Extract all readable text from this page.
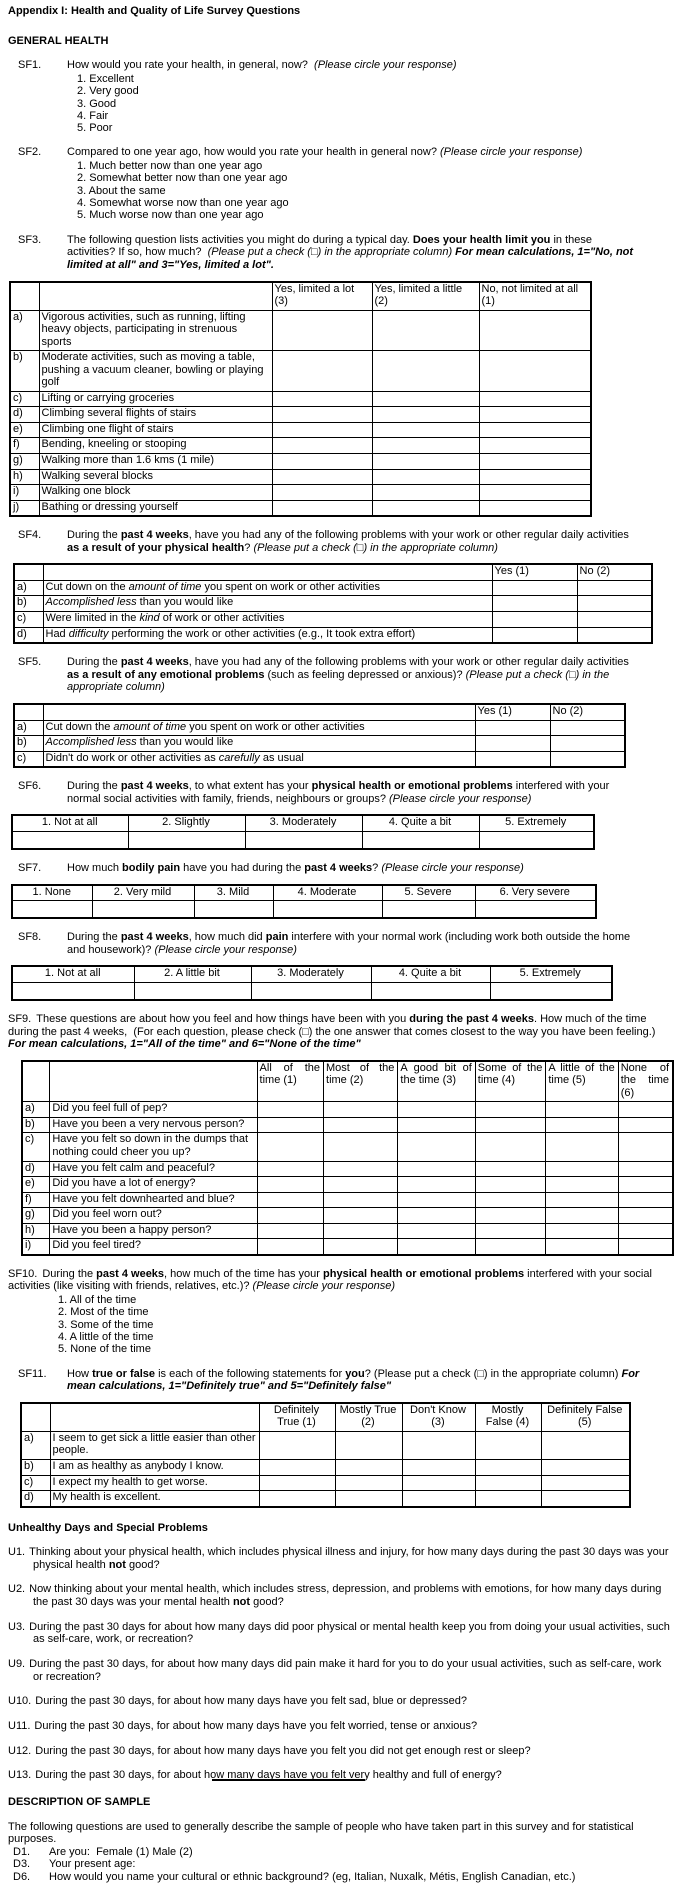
Appendix I: Health and Quality of Life Survey Questions
GENERAL HEALTH
SF1.	How would you rate your health, in general, now?  (Please circle your response)

1. Excellent
2. Very good
3. Good
4. Fair
5. Poor
SF2.	Compared to one year ago, how would you rate your health in general now? (Please circle your response)

1. Much better now than one year ago
2. Somewhat better now than one year ago
3. About the same
4. Somewhat worse now than one year ago
5. Much worse now than one year ago
SF3.	The following question lists activities you might do during a typical day. Does your health limit you in these activities? If so, how much?  (Please put a check (□) in the appropriate column) For mean calculations, 1="No, not limited at all" and 3="Yes, limited a lot".

		Yes, limited a lot (3)	Yes, limited a little (2)	No, not limited at all (1)
a)	Vigorous activities, such as running, lifting heavy objects, participating in strenuous sports			
b)	Moderate activities, such as moving a table, pushing a vacuum cleaner, bowling or playing golf			
c)	Lifting or carrying groceries			
d)	Climbing several flights of stairs			
e)	Climbing one flight of stairs			
f)	Bending, kneeling or stooping			
g)	Walking more than 1.6 kms (1 mile)			
h)	Walking several blocks			
i)	Walking one block			
j)	Bathing or dressing yourself			
SF4.	During the past 4 weeks, have you had any of the following problems with your work or other regular daily activities as a result of your physical health? (Please put a check (□) in the appropriate column)

		Yes (1)	No (2)
a)	Cut down on the amount of time you spent on work or other activities		
b)	Accomplished less than you would like		
c)	Were limited in the kind of work or other activities		
d)	Had difficulty performing the work or other activities (e.g., It took extra effort)		
SF5.	During the past 4 weeks, have you had any of the following problems with your work or other regular daily activities as a result of any emotional problems (such as feeling depressed or anxious)? (Please put a check (□) in the appropriate column)

		Yes (1)	No (2)
a)	Cut down the amount of time you spent on work or other activities		
b)	Accomplished less than you would like		
c)	Didn't do work or other activities as carefully as usual		
SF6.	During the past 4 weeks, to what extent has your physical health or emotional problems interfered with your normal social activities with family, friends, neighbours or groups? (Please circle your response)

1. Not at all	2. Slightly	3. Moderately	4. Quite a bit	5. Extremely

SF7.	How much bodily pain have you had during the past 4 weeks? (Please circle your response)

1. None	2. Very mild	3. Mild	4. Moderate	5. Severe	6. Very severe

SF8.	During the past 4 weeks, how much did pain interfere with your normal work (including work both outside the home and housework)? (Please circle your response)

1. Not at all	2. A little bit	3. Moderately	4. Quite a bit	5. Extremely

SF9. These questions are about how you feel and how things have been with you during the past 4 weeks. How much of the time during the past 4 weeks,  (For each question, please check (□) the one answer that comes closest to the way you have been feeling.) For mean calculations, 1="All of the time" and 6="None of the time"

		All of the time (1)	Most of the time (2)	A good bit of the time (3)	Some of the time (4)	A little of the time (5)	None of the time (6)
a)	Did you feel full of pep?						
b)	Have you been a very nervous person?						
c)	Have you felt so down in the dumps that nothing could cheer you up?						
d)	Have you felt calm and peaceful?						
e)	Did you have a lot of energy?						
f)	Have you felt downhearted and blue?						
g)	Did you feel worn out?						
h)	Have you been a happy person?						
i)	Did you feel tired?						

SF10. During the past 4 weeks, how much of the time has your physical health or emotional problems interfered with your social activities (like visiting with friends, relatives, etc.)? (Please circle your response)

1. All of the time
2. Most of the time
3. Some of the time
4. A little of the time
5. None of the time
SF11.	How true or false is each of the following statements for you? (Please put a check (□) in the appropriate column) For mean calculations, 1="Definitely true" and 5="Definitely false"

		Definitely True (1)	Mostly True (2)	Don't Know (3)	Mostly False (4)	Definitely False (5)
a)	I seem to get sick a little easier than other people.					
b)	I am as healthy as anybody I know.					
c)	I expect my health to get worse.					
d)	My health is excellent.					
Unhealthy Days and Special Problems

U1. Thinking about your physical health, which includes physical illness and injury, for how many days during the past 30 days was your physical health not good?

U2. Now thinking about your mental health, which includes stress, depression, and problems with emotions, for how many days during the past 30 days was your mental health not good?

U3. During the past 30 days for about how many days did poor physical or mental health keep you from doing your usual activities, such as self-care, work, or recreation?

U9. During the past 30 days, for about how many days did pain make it hard for you to do your usual activities, such as self-care, work or recreation?

U10. During the past 30 days, for about how many days have you felt sad, blue or depressed?

U11. During the past 30 days, for about how many days have you felt worried, tense or anxious?

U12. During the past 30 days, for about how many days have you felt you did not get enough rest or sleep?

U13. During the past 30 days, for about how many days have you felt very healthy and full of energy?

DESCRIPTION OF SAMPLE

The following questions are used to generally describe the sample of people who have taken part in this survey and for statistical purposes.

D1.	Are you:  Female (1) Male (2)
D3.	Your present age:
D6.	How would you name your cultural or ethnic background? (eg, Italian, Nuxalk, Métis, English Canadian, etc.)
